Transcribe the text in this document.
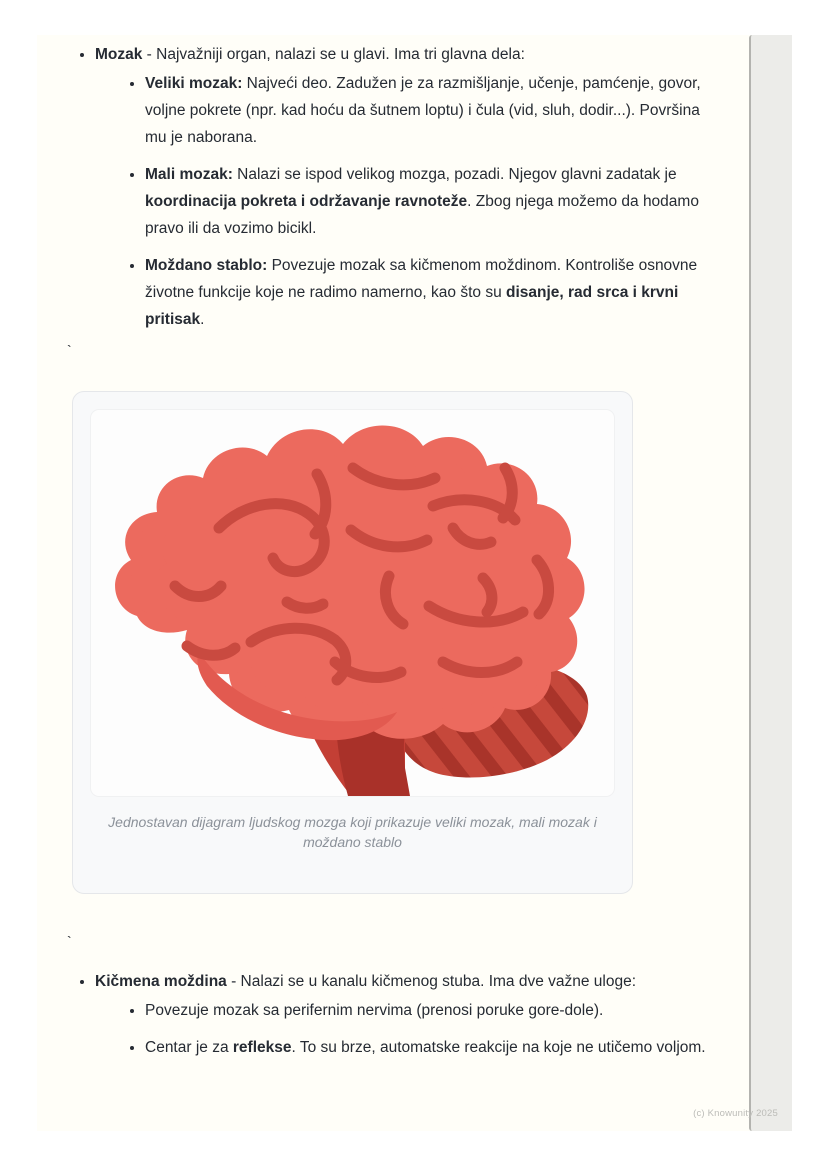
• Mozak - Najvažniji organ, nalazi se u glavi. Ima tri glavna dela:
• Veliki mozak: Najveći deo. Zadužen je za razmišljanje, učenje, pamćenje, govor, voljne pokrete (npr. kad hoću da šutnem loptu) i čula (vid, sluh, dodir...). Površina mu je naborana.
• Mali mozak: Nalazi se ispod velikog mozga, pozadi. Njegov glavni zadatak je koordinacija pokreta i održavanje ravnoteže. Zbog njega možemo da hodamo pravo ili da vozimo bicikl.
• Moždano stablo: Povezuje mozak sa kičmenom moždinom. Kontroliše osnovne životne funkcije koje ne radimo namerno, kao što su disanje, rad srca i krvni pritisak.
`
Jednostavan dijagram ljudskog mozga koji prikazuje veliki mozak, mali mozak i moždano stablo
`
• Kičmena moždina - Nalazi se u kanalu kičmenog stuba. Ima dve važne uloge:
• Povezuje mozak sa perifernim nervima (prenosi poruke gore-dole).
• Centar je za reflekse. To su brze, automatske reakcije na koje ne utičemo voljom.
(c) Knowunity 2025
